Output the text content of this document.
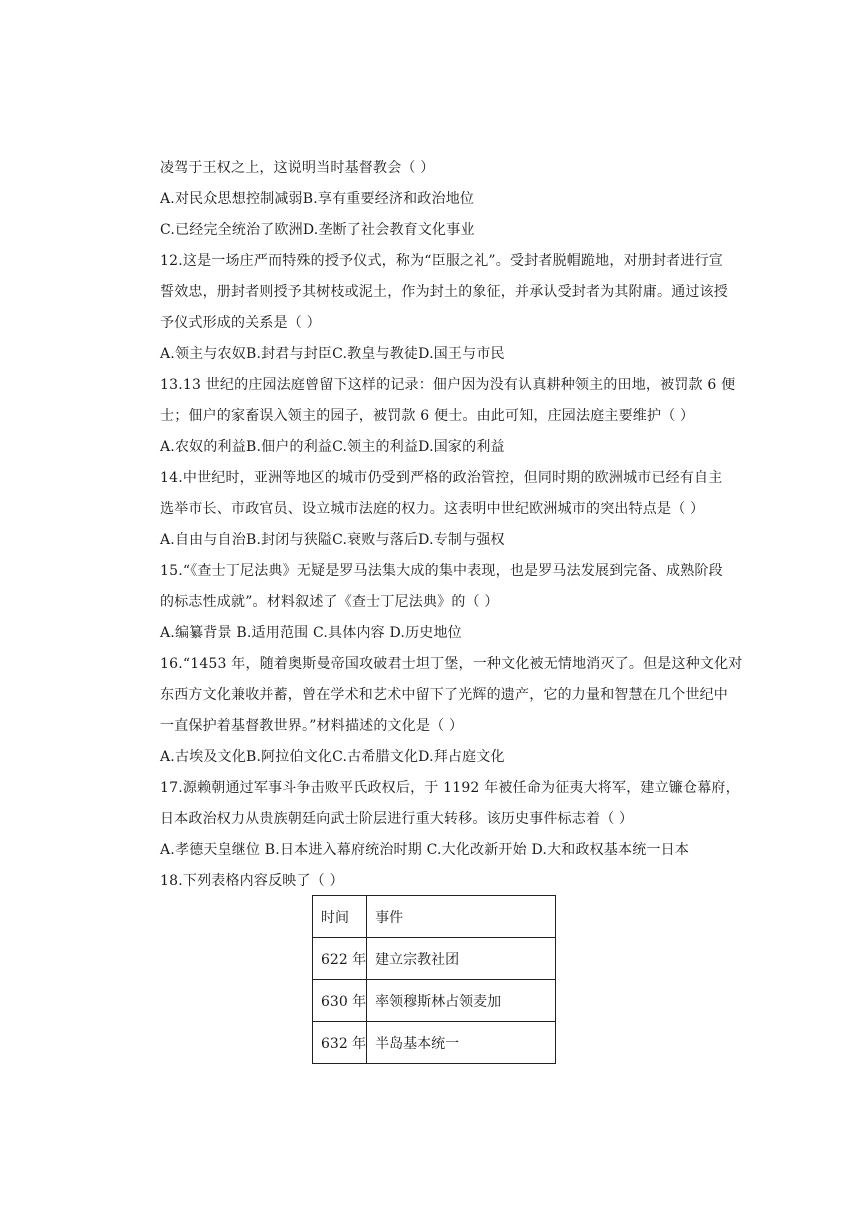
凌驾于王权之上，这说明当时基督教会（ ）
A.对民众思想控制减弱B.享有重要经济和政治地位
C.已经完全统治了欧洲D.垄断了社会教育文化事业
12.这是一场庄严而特殊的授予仪式，称为“臣服之礼”。受封者脱帽跪地，对册封者进行宣
誓效忠，册封者则授予其树枝或泥土，作为封土的象征，并承认受封者为其附庸。通过该授
予仪式形成的关系是（ ）
A.领主与农奴B.封君与封臣C.教皇与教徒D.国王与市民
13.13 世纪的庄园法庭曾留下这样的记录：佃户因为没有认真耕种领主的田地，被罚款 6 便
士；佃户的家畜误入领主的园子，被罚款 6 便士。由此可知，庄园法庭主要维护（ ）
A.农奴的利益B.佃户的利益C.领主的利益D.国家的利益
14.中世纪时，亚洲等地区的城市仍受到严格的政治管控，但同时期的欧洲城市已经有自主
选举市长、市政官员、设立城市法庭的权力。这表明中世纪欧洲城市的突出特点是（ ）
A.自由与自治B.封闭与狭隘C.衰败与落后D.专制与强权
15.“《查士丁尼法典》无疑是罗马法集大成的集中表现，也是罗马法发展到完备、成熟阶段
的标志性成就”。材料叙述了《查士丁尼法典》的（ ）
A.编纂背景 B.适用范围 C.具体内容 D.历史地位
16.“1453 年，随着奥斯曼帝国攻破君士坦丁堡，一种文化被无情地消灭了。但是这种文化对
东西方文化兼收并蓄，曾在学术和艺术中留下了光辉的遗产，它的力量和智慧在几个世纪中
一直保护着基督教世界。”材料描述的文化是（ ）
A.古埃及文化B.阿拉伯文化C.古希腊文化D.拜占庭文化
17.源赖朝通过军事斗争击败平氏政权后，于 1192 年被任命为征夷大将军，建立镰仓幕府，
日本政治权力从贵族朝廷向武士阶层进行重大转移。该历史事件标志着（ ）
A.孝德天皇继位 B.日本进入幕府统治时期 C.大化改新开始 D.大和政权基本统一日本
18.下列表格内容反映了（ ）
时间	事件
622 年	建立宗教社团
630 年	率领穆斯林占领麦加
632 年	半岛基本统一
